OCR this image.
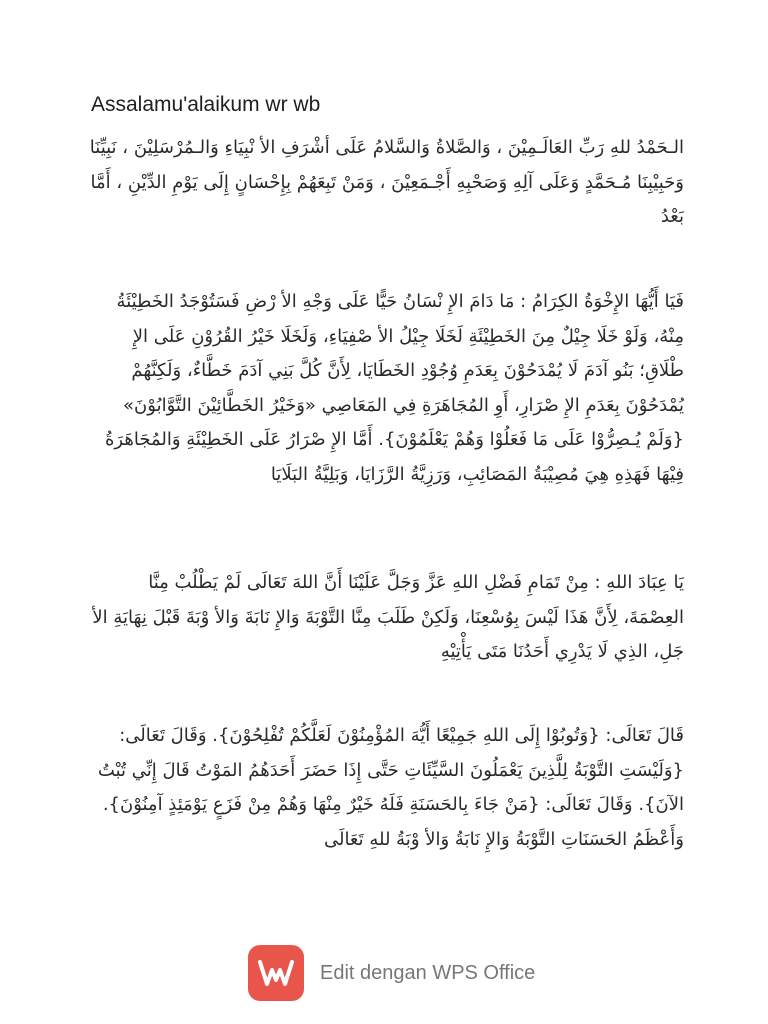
Assalamu'alaikum wr wb

الـحَمْدُ للهِ رَبِّ العَالَـمِيْنَ ، وَالصَّلاةُ وَالسَّلامُ عَلَى أشْرَفِ الأ نْبِيَاءِ وَالـمُرْسَلِيْنَ ، نَبِيِّنَا وَحَبِيْبِنَا مُـحَمَّدٍ وَعَلَى آلِهِ وَصَحْبِهِ أَجْـمَعِيْنَ ، وَمَنْ تَبِعَهُمْ بِإِحْسَانٍ إِلَى يَوْمِ الدِّيْنِ ، أَمَّا بَعْدُ

فَيَا أَيُّهَا الإِخْوَةُ الكِرَامُ : مَا دَامَ الإِ نْسَانُ حَيًّا عَلَى وَجْهِ الأ رْضِ فَسَتُوْجَدُ الخَطِيْئَةُ مِنْهُ، وَلَوْ خَلَا جِيْلٌ مِنَ الخَطِيْئَةِ لَخَلَا جِيْلُ الأ صْفِيَاءِ، وَلَخَلَا خَيْرُ القُرُوْنِ عَلَى الإِ طْلَاقِ؛ بَنُو آدَمَ لَا يُمْدَحُوْنَ بِعَدَمِ وُجُوْدِ الخَطَايَا، لِأَنَّ كُلَّ بَنِي آدَمَ خَطَّاءٌ، وَلَكِنَّهُمْ يُمْدَحُوْنَ بِعَدَمِ الإِ صْرَارِ، أَوِ المُجَاهَرَةِ فِي المَعَاصِي «وَخَيْرُ الخَطَّائِيْنَ التَّوَّابُوْنَ» {وَلَمْ يُـصِرُّوْا عَلَى مَا فَعَلُوْا وَهُمْ يَعْلَمُوْنَ}. أَمَّا الإِ صْرَارُ عَلَى الخَطِيْئَةِ وَالمُجَاهَرَةُ فِيْهَا فَهَذِهِ هِيَ مُصِيْبَةُ المَصَائِبِ، وَرَزِيَّةُ الرَّزَايَا، وَبَلِيَّةُ البَلَايَا

يَا عِبَادَ اللهِ : مِنْ تَمَامِ فَضْلِ اللهِ عَزَّ وَجَلَّ عَلَيْنَا أَنَّ اللهَ تَعَالَى لَمْ يَطْلُبْ مِنَّا العِصْمَةَ، لِأَنَّ هَذَا لَيْسَ بِوُسْعِنَا، وَلَكِنْ طَلَبَ مِنَّا التَّوْبَةَ وَالإِ نَابَةَ وَالأ وْبَةَ قَبْلَ نِهَايَةِ الأ جَلِ، الذِي لَا يَدْرِي أَحَدُنَا مَتَى يَأْتِيْهِ

قَالَ تَعَالَى: {وَتُوبُوْا إِلَى اللهِ جَمِيْعًا أَيُّهَ المُؤْمِنُوْنَ لَعَلَّكُمْ تُفْلِحُوْنَ}. وَقَالَ تَعَالَى: {وَلَيْسَتِ التَّوْبَةُ لِلَّذِينَ يَعْمَلُونَ السَّيِّئَاتِ حَتَّى إِذَا حَضَرَ أَحَدَهُمُ المَوْتُ قَالَ إِنِّي تُبْتُ الآنَ}. وَقَالَ تَعَالَى: {مَنْ جَاءَ بِالحَسَنَةِ فَلَهُ خَيْرٌ مِنْهَا وَهُمْ مِنْ فَزَعٍ يَوْمَئِذٍ آمِنُوْنَ}. وَأَعْظَمُ الحَسَنَاتِ التَّوْبَةُ وَالإِ نَابَةُ وَالأ وْبَةُ للهِ تَعَالَى

Edit dengan WPS Office
